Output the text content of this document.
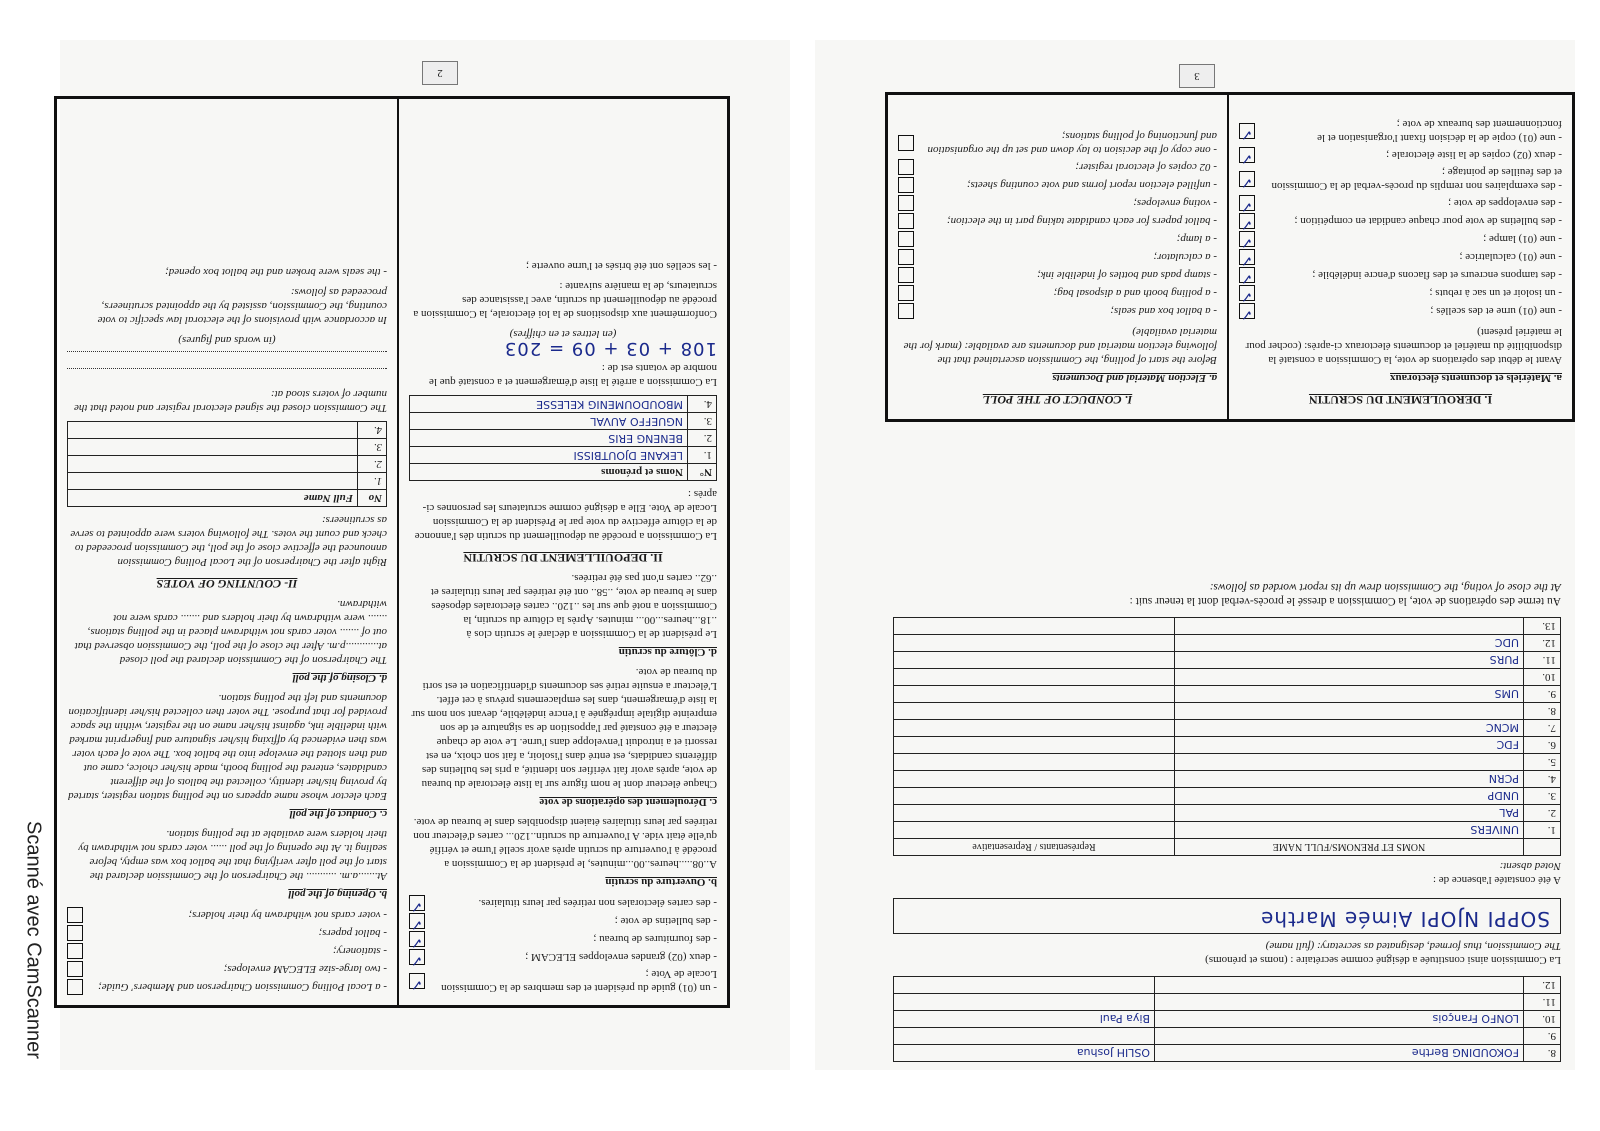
2
- un (01) guide du président et des membres de la Commission Locale de Vote ;
✓
- deux (02) grandes enveloppes ELECAM ;
✓
- des fournitures de bureau ;
✓
- des bulletins de vote ;
✓
- des cartes électorales non retirées par leurs titulaires.
✓
b. Ouverture du scrutin

A..08.....heures..00...minutes, le président de la Commission a procédé à l'ouverture du scrutin après avoir scellé l'urne et vérifié qu'elle était vide. A l'ouverture du scrutin..120... cartes d'électeur non retirées par leurs titulaires étaient disponibles dans le bureau de vote.

c. Déroulement des opérations de vote

Chaque électeur dont le nom figure sur la liste électorale du bureau de vote, après avoir fait vérifier son identité, a pris les bulletins des différents candidats, est entré dans l'isoloir, a fait son choix, en est ressorti et a introduit l'enveloppe dans l'urne. Le vote de chaque électeur a été constaté par l'apposition de sa signature et de son empreinte digitale imprégnée à l'encre indélébile, devant son nom sur la liste d'émargement, dans les emplacements prévus à cet effet. L'électeur a ensuite retiré ses documents d'identification et est sorti du bureau de vote.

d. Clôture du scrutin

Le président de la Commission a déclaré le scrutin clos à ..18...heures...00... minutes. Après la clôture du scrutin, la Commission a noté que sur les ..120.. cartes électorales déposées dans le bureau de vote, ..58.. ont été retirées par leurs titulaires et ..62.. cartes n'ont pas été retirées.

II. DEPOUILLEMENT DU SCRUTIN

La Commission a procédé au dépouillement du scrutin dès l'annonce de la clôture effective du vote par le Président de la Commission Locale de Vote. Elle a désigné comme scrutateurs les personnes ci-après :

N°	Noms et prénoms
1.	LEKANE DJOUTBISSI
2.	BENENG ERIS
3.	NGUEFFO AUVAL
4.	MBOUDOUMENIG KELESSE

La Commission a arrêté la liste d'émargement et a constaté que le nombre de votants est de :

108 + 03 + 09 = 203
(en lettres et en chiffres)

Conformément aux dispositions de la loi électorale, la Commission a procédé au dépouillement du scrutin, avec l'assistance des scrutateurs, de la manière suivante :

- les scellés ont été brisés et l'urne ouverte ;

- a Local Polling Commission Chairperson and Members' Guide;
- two large-size ELECAM envelopes;
- stationery;
- ballot papers;
- voter cards not withdrawn by their holders;
b. Opening of the poll

At.......a.m. ........... the Chairperson of the Commission declared the start of the poll after verifying that the ballot box was empty, before sealing it. At the opening of the poll ...... voter cards not withdrawn by their holders were available at the polling station.

c. Conduct of the poll

Each elector whose name appears on the polling station register, started by proving his/her identity, collected the ballots of the different candidates, entered the polling booth, made his/her choice, came out and then slotted the envelope into the ballot box. The vote of each voter was then evidenced by affixing his/her signature and fingerprint marked with indelible ink, against his/her name on the register, within the space provided for that purpose. The voter then collected his/her identification documents and left the polling station.

d. Closing of the poll

The Chairperson of the Commission declared the poll closed at............p.m. After the close of the poll, the Commission observed that out of ....... voter cards not withdrawn placed in the polling stations, ....... were withdrawn by their holders and ....... cards were not withdrawn.

II- COUNTING OF VOTES

Right after the Chairperson of the Local Polling Commission announced the effective close of the poll, the Commission proceeded to check and count the votes. The following voters were appointed to serve as scrutineers:

No	Full Name
1.	
2.	
3.	
4.	

The Commission closed the signed electoral register and noted that the number of voters stood at:

(in words and figures)

In accordance with provisions of the electoral law specific to vote counting, the Commission, assisted by the appointed scrutineers, proceeded as follows:

- the seals were broken and the ballot box opened;

3
8.	FOKOUDING Berthe	OSLIH Joshua
9.		
10.	LONFO François	Biya Paul
11.		
12.		

La Commission ainsi constituée a désigné comme secrétaire : (noms et prénoms)

The Commission, thus formed, designated as secretary: (full name)

SOPPI NJOPI Aimée Marthe

A été constatée l'absence de :

Noted absent:

	NOMS ET PRENOMS/FULL NAME	Représentants / Representative
1.	UNIVERS	
2.	PAL	
3.	UNDP	
4.	PCRN	
5.		
6.	FDC	
7.	MCNC	
8.		
9.	UMS	
10.		
11.	PURS	
12.	UDC	
13.		

Au terme des opérations de vote, la Commission a dressé le procès-verbal dont la teneur suit :

At the close of voting, the Commission drew up its report worded as follows:

I. DEROULEMENT DU SCRUTIN
a. Matériels et documents électoraux

Avant le début des opérations de vote, la Commission a constaté la disponibilité du matériel et documents électoraux ci-après: (cocher pour le matériel présent)

- une (01) urne et des scellés ;
✓
- un isoloir et un sac à rebuts ;
✓
- des tampons encreurs et des flacons d'encre indélébile ;
✓
- une (01) calculatrice ;
✓
- une (01) lampe ;
✓
- des bulletins de vote pour chaque candidat en compétition ;
✓
- des enveloppes de vote ;
✓
- des exemplaires non remplis du procès-verbal de la Commission et des feuilles de pointage ;
✓
- deux (02) copies de la liste électorale ;
✓
- une (01) copie de la décision fixant l'organisation et le fonctionnement des bureaux de vote ;
✓
I. CONDUCT OF THE POLL
a. Election Material and Documents

Before the start of polling, the Commission ascertained that the following election material and documents are available: (mark for the material available)

- a ballot box and seals;
- a polling booth and a disposal bag;
- stamp pads and bottles of indelible ink;
- a calculator;
- a lamp;
- ballot papers for each candidate taking part in the election;
- voting envelopes;
- unfilled election report forms and vote counting sheets;
- 02 copies of electoral register;
- one copy of the decision to lay down and set up the organisation and functioning of polling stations;
Scanné avec CamScanner
